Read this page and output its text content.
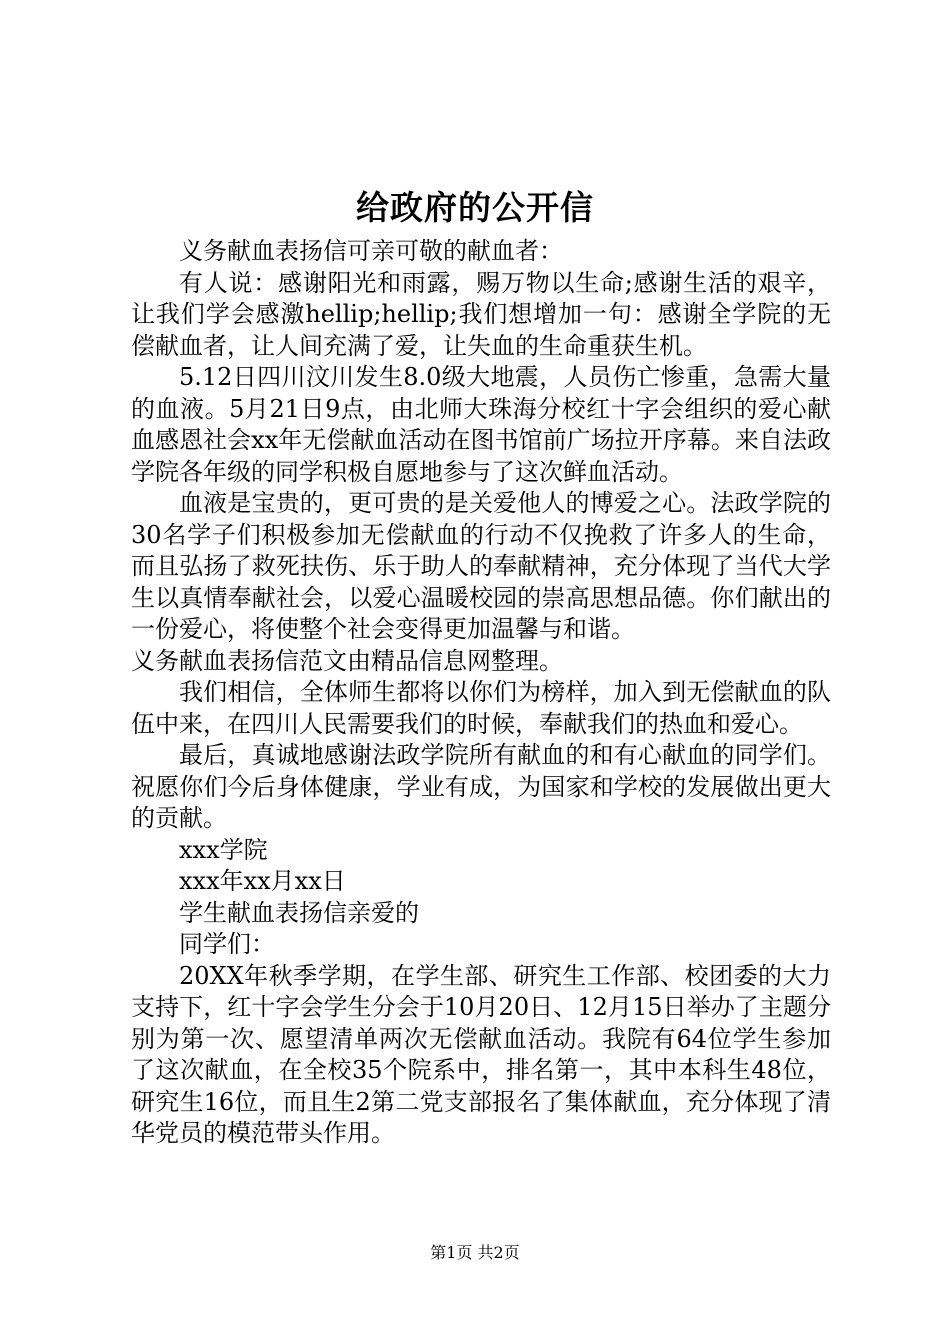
给政府的公开信

义务献血表扬信可亲可敬的献血者：

有人说：感谢阳光和雨露，赐万物以生命;感谢生活的艰辛，让我们学会感激hellip;hellip;我们想增加一句：感谢全学院的无偿献血者，让人间充满了爱，让失血的生命重获生机。

5.12日四川汶川发生8.0级大地震，人员伤亡惨重，急需大量的血液。5月21日9点，由北师大珠海分校红十字会组织的爱心献血感恩社会xx年无偿献血活动在图书馆前广场拉开序幕。来自法政学院各年级的同学积极自愿地参与了这次鲜血活动。

血液是宝贵的，更可贵的是关爱他人的博爱之心。法政学院的30名学子们积极参加无偿献血的行动不仅挽救了许多人的生命，而且弘扬了救死扶伤、乐于助人的奉献精神，充分体现了当代大学生以真情奉献社会，以爱心温暖校园的崇高思想品德。你们献出的一份爱心，将使整个社会变得更加温馨与和谐。

义务献血表扬信范文由精品信息网整理。

我们相信，全体师生都将以你们为榜样，加入到无偿献血的队伍中来，在四川人民需要我们的时候，奉献我们的热血和爱心。

最后，真诚地感谢法政学院所有献血的和有心献血的同学们。祝愿你们今后身体健康，学业有成，为国家和学校的发展做出更大的贡献。

xxx学院

xxx年xx月xx日

学生献血表扬信亲爱的

同学们：

20XX年秋季学期，在学生部、研究生工作部、校团委的大力支持下，红十字会学生分会于10月20日、12月15日举办了主题分别为第一次、愿望清单两次无偿献血活动。我院有64位学生参加了这次献血，在全校35个院系中，排名第一，其中本科生48位，研究生16位，而且生2第二党支部报名了集体献血，充分体现了清华党员的模范带头作用。

第1页 共2页
